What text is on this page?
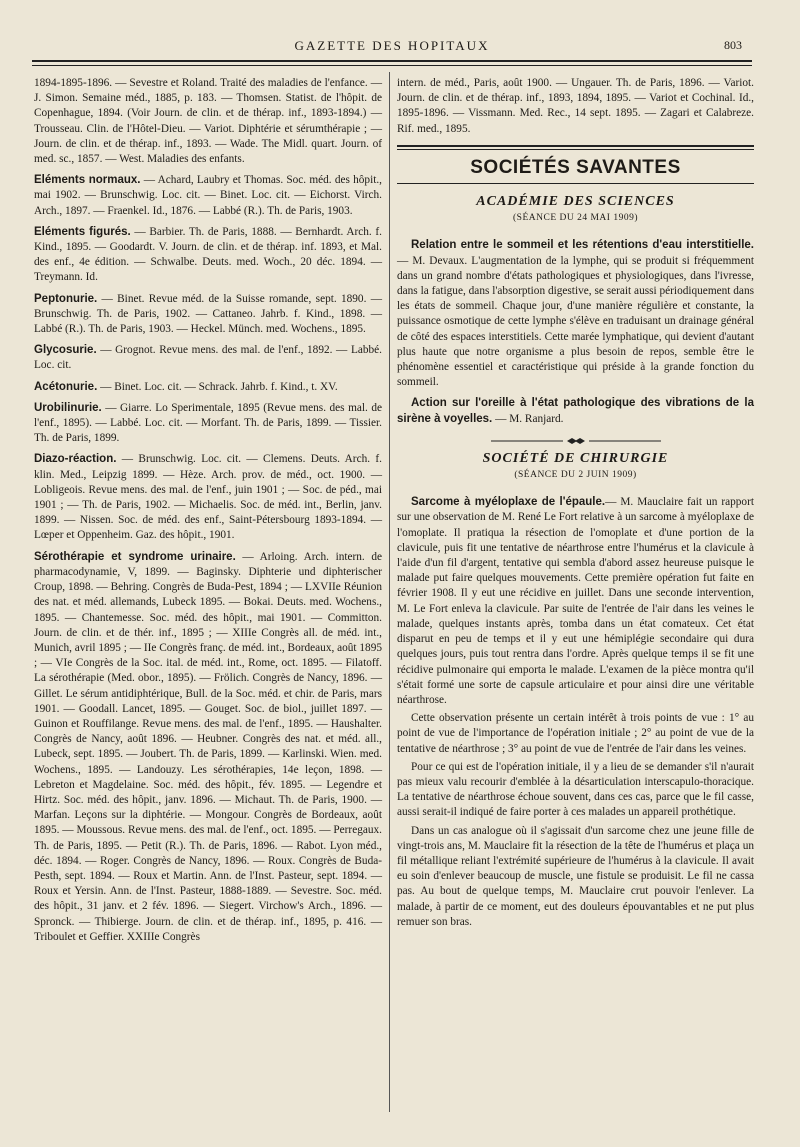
GAZETTE DES HOPITAUX	803

1894-1895-1896. — Sevestre et Roland. Traité des maladies de l'enfance. — J. Simon. Semaine méd., 1885, p. 183. — Thomsen. Statist. de l'hôpit. de Copenhague, 1894. (Voir Journ. de clin. et de thérap. inf., 1893-1894.) — Trousseau. Clin. de l'Hôtel-Dieu. — Variot. Diphtérie et sérumthérapie ; — Journ. de clin. et de thérap. inf., 1893. — Wade. The Midl. quart. Journ. of med. sc., 1857. — West. Maladies des enfants.

Eléments normaux. — Achard, Laubry et Thomas. Soc. méd. des hôpit., mai 1902. — Brunschwig. Loc. cit. — Binet. Loc. cit. — Eichorst. Virch. Arch., 1897. — Fraenkel. Id., 1876. — Labbé (R.). Th. de Paris, 1903.

Eléments figurés. — Barbier. Th. de Paris, 1888. — Bernhardt. Arch. f. Kind., 1895. — Goodardt. V. Journ. de clin. et de thérap. inf. 1893, et Mal. des enf., 4e édition. — Schwalbe. Deuts. med. Woch., 20 déc. 1894. — Treymann. Id.

Peptonurie. — Binet. Revue méd. de la Suisse romande, sept. 1890. — Brunschwig. Th. de Paris, 1902. — Cattaneo. Jahrb. f. Kind., 1898. — Labbé (R.). Th. de Paris, 1903. — Heckel. Münch. med. Wochens., 1895.

Glycosurie. — Grognot. Revue mens. des mal. de l'enf., 1892. — Labbé. Loc. cit.

Acétonurie. — Binet. Loc. cit. — Schrack. Jahrb. f. Kind., t. XV.

Urobilinurie. — Giarre. Lo Sperimentale, 1895 (Revue mens. des mal. de l'enf., 1895). — Labbé. Loc. cit. — Morfant. Th. de Paris, 1899. — Tissier. Th. de Paris, 1899.

Diazo-réaction. — Brunschwig. Loc. cit. — Clemens. Deuts. Arch. f. klin. Med., Leipzig 1899. — Hèze. Arch. prov. de méd., oct. 1900. — Lobligeois. Revue mens. des mal. de l'enf., juin 1901 ; — Soc. de péd., mai 1901 ; — Th. de Paris, 1902. — Michaelis. Soc. de méd. int., Berlin, janv. 1899. — Nissen. Soc. de méd. des enf., Saint-Pétersbourg 1893-1894. — Lœper et Oppenheim. Gaz. des hôpit., 1901.

Sérothérapie et syndrome urinaire. — Arloing. Arch. intern. de pharmacodynamie, V, 1899. — Baginsky. Diphterie und diphterischer Croup, 1898. — Behring. Congrès de Buda-Pest, 1894 ; — LXVIIe Réunion des nat. et méd. allemands, Lubeck 1895. — Bokai. Deuts. med. Wochens., 1895. — Chantemesse. Soc. méd. des hôpit., mai 1901. — Committon. Journ. de clin. et de thér. inf., 1895 ; — XIIIe Congrès all. de méd. int., Munich, avril 1895 ; — IIe Congrès franç. de méd. int., Bordeaux, août 1895 ; — VIe Congrès de la Soc. ital. de méd. int., Rome, oct. 1895. — Filatoff. La sérothérapie (Med. obor., 1895). — Frölich. Congrès de Nancy, 1896. — Gillet. Le sérum antidiphtérique, Bull. de la Soc. méd. et chir. de Paris, mars 1901. — Goodall. Lancet, 1895. — Gouget. Soc. de biol., juillet 1897. — Guinon et Rouffilange. Revue mens. des mal. de l'enf., 1895. — Haushalter. Congrès de Nancy, août 1896. — Heubner. Congrès des nat. et méd. all., Lubeck, sept. 1895. — Joubert. Th. de Paris, 1899. — Karlinski. Wien. med. Wochens., 1895. — Landouzy. Les sérothérapies, 14e leçon, 1898. — Lebreton et Magdelaine. Soc. méd. des hôpit., fév. 1895. — Legendre et Hirtz. Soc. méd. des hôpit., janv. 1896. — Michaut. Th. de Paris, 1900. — Marfan. Leçons sur la diphtérie. — Mongour. Congrès de Bordeaux, août 1895. — Moussous. Revue mens. des mal. de l'enf., oct. 1895. — Perregaux. Th. de Paris, 1895. — Petit (R.). Th. de Paris, 1896. — Rabot. Lyon méd., déc. 1894. — Roger. Congrès de Nancy, 1896. — Roux. Congrès de Buda-Pesth, sept. 1894. — Roux et Martin. Ann. de l'Inst. Pasteur, sept. 1894. — Roux et Yersin. Ann. de l'Inst. Pasteur, 1888-1889. — Sevestre. Soc. méd. des hôpit., 31 janv. et 2 fév. 1896. — Siegert. Virchow's Arch., 1896. — Spronck. — Thibierge. Journ. de clin. et de thérap. inf., 1895, p. 416. — Triboulet et Geffier. XXIIIe Congrès

intern. de méd., Paris, août 1900. — Ungauer. Th. de Paris, 1896. — Variot. Journ. de clin. et de thérap. inf., 1893, 1894, 1895. — Variot et Cochinal. Id., 1895-1896. — Vissmann. Med. Rec., 14 sept. 1895. — Zagari et Calabreze. Rif. med., 1895.

SOCIÉTÉS SAVANTES
ACADÉMIE DES SCIENCES
(SÉANCE DU 24 MAI 1909)

Relation entre le sommeil et les rétentions d'eau interstitielle. — M. Devaux. L'augmentation de la lymphe, qui se produit si fréquemment dans un grand nombre d'états pathologiques et physiologiques, dans l'ivresse, dans la fatigue, dans l'absorption digestive, se serait aussi périodiquement dans les états de sommeil. Chaque jour, d'une manière régulière et constante, la puissance osmotique de cette lymphe s'élève en traduisant un drainage général de côté des espaces interstitiels. Cette marée lymphatique, qui devient d'autant plus haute que notre organisme a plus besoin de repos, semble être le phénomène essentiel et caractéristique qui préside à la grande fonction du sommeil.

Action sur l'oreille à l'état pathologique des vibrations de la sirène à voyelles. — M. Ranjard.

SOCIÉTÉ DE CHIRURGIE
(SÉANCE DU 2 JUIN 1909)

Sarcome à myéloplaxe de l'épaule.— M. Mauclaire fait un rapport sur une observation de M. René Le Fort relative à un sarcome à myéloplaxe de l'omoplate. Il pratiqua la résection de l'omoplate et d'une portion de la clavicule, puis fit une tentative de néarthrose entre l'humérus et la clavicule à l'aide d'un fil d'argent, tentative qui sembla d'abord assez heureuse puisque le malade put faire quelques mouvements. Cette première opération fut faite en février 1908. Il y eut une récidive en juillet. Dans une seconde intervention, M. Le Fort enleva la clavicule. Par suite de l'entrée de l'air dans les veines le malade, quelques instants après, tomba dans un état comateux. Cet état disparut en peu de temps et il y eut une hémiplégie secondaire qui dura quelques jours, puis tout rentra dans l'ordre. Après quelque temps il se fit une récidive pulmonaire qui emporta le malade. L'examen de la pièce montra qu'il s'était formé une sorte de capsule articulaire et pour ainsi dire une véritable néarthrose.

Cette observation présente un certain intérêt à trois points de vue : 1° au point de vue de l'importance de l'opération initiale ; 2° au point de vue de la tentative de néarthrose ; 3° au point de vue de l'entrée de l'air dans les veines.

Pour ce qui est de l'opération initiale, il y a lieu de se demander s'il n'aurait pas mieux valu recourir d'emblée à la désarticulation interscapulo-thoracique. La tentative de néarthrose échoue souvent, dans ces cas, parce que le fil casse, aussi serait-il indiqué de faire porter à ces malades un appareil prothétique.

Dans un cas analogue où il s'agissait d'un sarcome chez une jeune fille de vingt-trois ans, M. Mauclaire fit la résection de la tête de l'humérus et plaça un fil métallique reliant l'extrémité supérieure de l'humérus à la clavicule. Il avait eu soin d'enlever beaucoup de muscle, une fistule se produisit. Le fil ne cassa pas. Au bout de quelque temps, M. Mauclaire crut pouvoir l'enlever. La malade, à partir de ce moment, eut des douleurs épouvantables et ne put plus remuer son bras.
